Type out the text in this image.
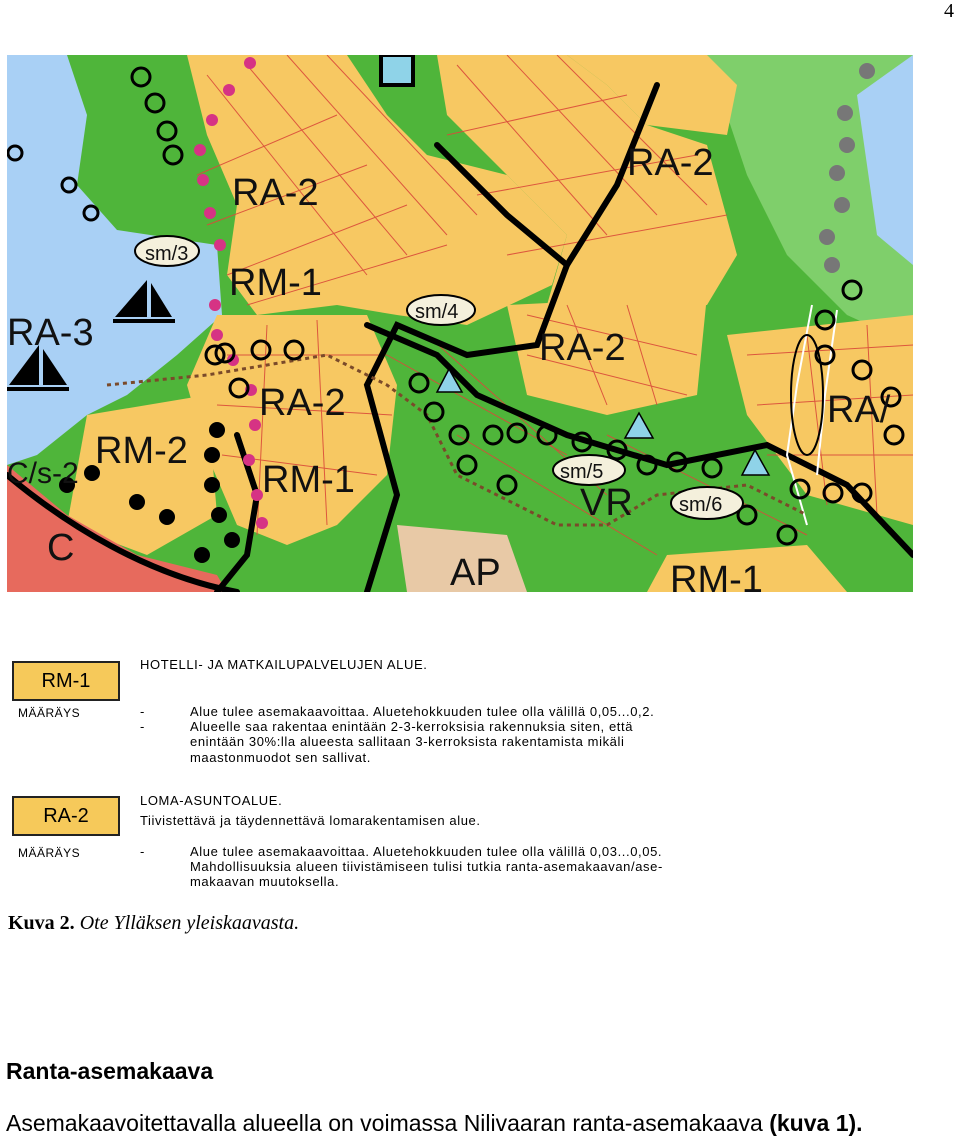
4
RA-2
RA-2
RA-3
RM-1
RA-2
RA-2
RM-2
RM-1
C
AP
VR
RM-1
RA/
C/s-2
sm/3
sm/4
sm/5
sm/6
RM-1
MÄÄRÄYS
HOTELLI- JA MATKAILUPALVELUJEN ALUE.
-	Alue tulee asemakaavoittaa. Aluetehokkuuden tulee olla välillä 0,05...0,2.
-	Alueelle saa rakentaa enintään 2-3-kerroksisia rakennuksia siten, että
enintään 30%:lla alueesta sallitaan 3-kerroksista rakentamista mikäli
maastonmuodot sen sallivat.
RA-2
MÄÄRÄYS
LOMA-ASUNTOALUE.
Tiivistettävä ja täydennettävä lomarakentamisen alue.
-	Alue tulee asemakaavoittaa. Aluetehokkuuden tulee olla välillä 0,03...0,05.
Mahdollisuuksia alueen tiivistämiseen tulisi tutkia ranta-asemakaavan/ase-
makaavan muutoksella.
Kuva 2. Ote Ylläksen yleiskaavasta.
Ranta-asemakaava
Asemakaavoitettavalla alueella on voimassa Nilivaaran ranta-asemakaava (kuva 1).
